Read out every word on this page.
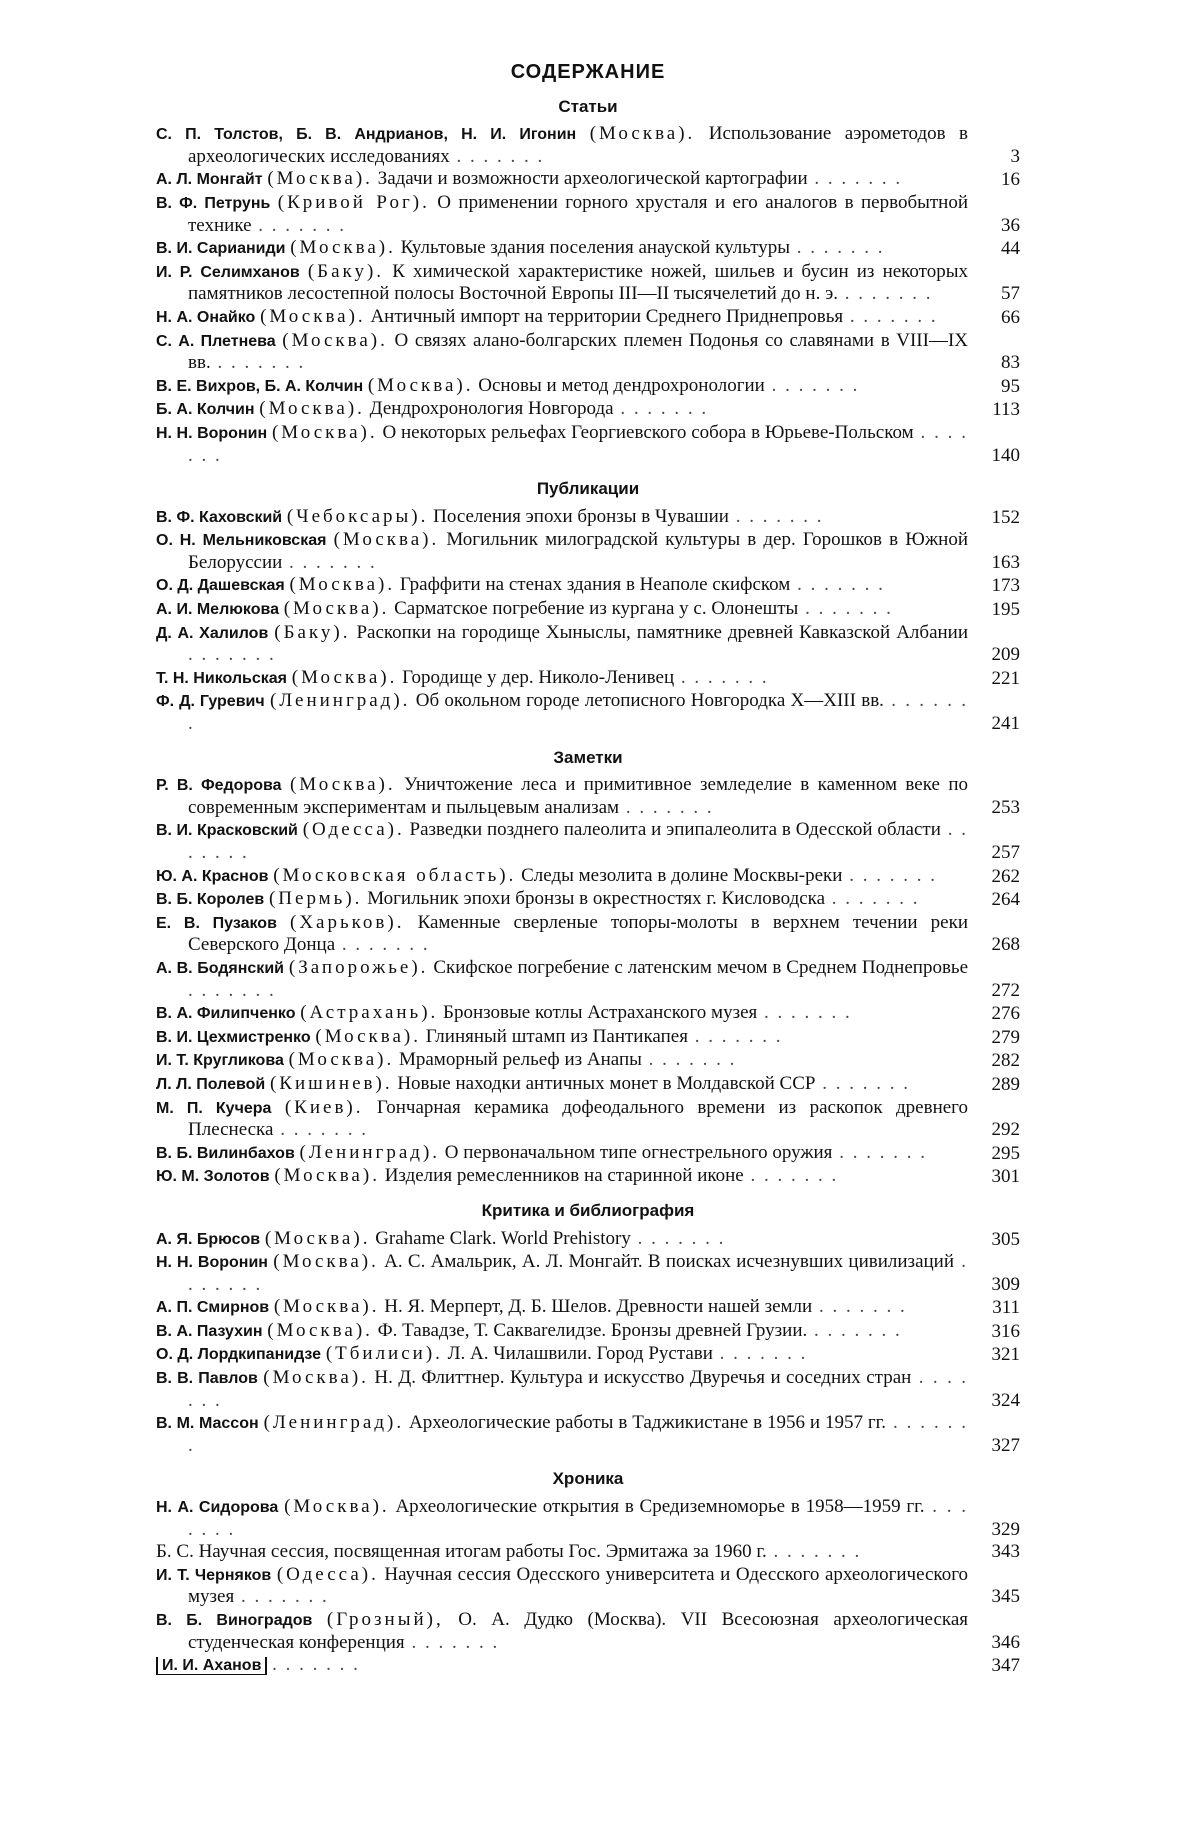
СОДЕРЖАНИЕ
Статьи
С. П. Толстов, Б. В. Андрианов, Н. И. Игонин (Москва). Использование аэрометодов в археологических исследованиях . . . . . . .	3
А. Л. Монгайт (Москва). Задачи и возможности археологической картографии . . . . . . .	16
В. Ф. Петрунь (Кривой Рог). О применении горного хрусталя и его аналогов в первобытной технике . . . . . . .	36
В. И. Сарианиди (Москва). Культовые здания поселения анауской культуры . . . . . . .	44
И. Р. Селимханов (Баку). К химической характеристике ножей, шильев и бусин из некоторых памятников лесостепной полосы Восточной Европы III—II тысячелетий до н. э. . . . . . . .	57
Н. А. Онайко (Москва). Античный импорт на территории Среднего Приднепровья . . . . . . .	66
С. А. Плетнева (Москва). О связях алано-болгарских племен Подонья со славянами в VIII—IX вв. . . . . . . .	83
В. Е. Вихров, Б. А. Колчин (Москва). Основы и метод дендрохронологии . . . . . . .	95
Б. А. Колчин (Москва). Дендрохронология Новгорода . . . . . . .	113
Н. Н. Воронин (Москва). О некоторых рельефах Георгиевского собора в Юрьеве-Польском . . . . . . .	140
Публикации
В. Ф. Каховский (Чебоксары). Поселения эпохи бронзы в Чувашии . . . . . . .	152
О. Н. Мельниковская (Москва). Могильник милоградской культуры в дер. Горошков в Южной Белоруссии . . . . . . .	163
О. Д. Дашевская (Москва). Граффити на стенах здания в Неаполе скифском . . . . . . .	173
А. И. Мелюкова (Москва). Сарматское погребение из кургана у с. Олонешты . . . . . . .	195
Д. А. Халилов (Баку). Раскопки на городище Хыныслы, памятнике древней Кавказской Албании . . . . . . .	209
Т. Н. Никольская (Москва). Городище у дер. Николо-Ленивец . . . . . . .	221
Ф. Д. Гуревич (Ленинград). Об окольном городе летописного Новгородка X—XIII вв. . . . . . . .	241
Заметки
Р. В. Федорова (Москва). Уничтожение леса и примитивное земледелие в каменном веке по современным экспериментам и пыльцевым анализам . . . . . . .	253
В. И. Красковский (Одесса). Разведки позднего палеолита и эпипалеолита в Одесской области . . . . . . .	257
Ю. А. Краснов (Московская область). Следы мезолита в долине Москвы-реки . . . . . . .	262
В. Б. Королев (Пермь). Могильник эпохи бронзы в окрестностях г. Кисловодска . . . . . . .	264
Е. В. Пузаков (Харьков). Каменные сверленые топоры-молоты в верхнем течении реки Северского Донца . . . . . . .	268
А. В. Бодянский (Запорожье). Скифское погребение с латенским мечом в Среднем Поднепровье . . . . . . .	272
В. А. Филипченко (Астрахань). Бронзовые котлы Астраханского музея . . . . . . .	276
В. И. Цехмистренко (Москва). Глиняный штамп из Пантикапея . . . . . . .	279
И. Т. Кругликова (Москва). Мраморный рельеф из Анапы . . . . . . .	282
Л. Л. Полевой (Кишинев). Новые находки античных монет в Молдавской ССР . . . . . . .	289
М. П. Кучера (Киев). Гончарная керамика дофеодального времени из раскопок древнего Плеснеска . . . . . . .	292
В. Б. Вилинбахов (Ленинград). О первоначальном типе огнестрельного оружия . . . . . . .	295
Ю. М. Золотов (Москва). Изделия ремесленников на старинной иконе . . . . . . .	301
Критика и библиография
А. Я. Брюсов (Москва). Grahame Clark. World Prehistory . . . . . . .	305
Н. Н. Воронин (Москва). А. С. Амальрик, А. Л. Монгайт. В поисках исчезнувших цивилизаций . . . . . . .	309
А. П. Смирнов (Москва). Н. Я. Мерперт, Д. Б. Шелов. Древности нашей земли . . . . . . .	311
В. А. Пазухин (Москва). Ф. Тавадзе, Т. Саквarелидзе. Бронзы древней Грузии. . . . . . . .	316
О. Д. Лордкипанидзе (Тбилиси). Л. А. Чилашвили. Город Рустави . . . . . . .	321
В. В. Павлов (Москва). Н. Д. Флиттнер. Культура и искусство Двуречья и соседних стран . . . . . . .	324
В. М. Массон (Ленинград). Археологические работы в Таджикистане в 1956 и 1957 гг. . . . . . . .	327
Хроника
Н. А. Сидорова (Москва). Археологические открытия в Средиземноморье в 1958—1959 гг. . . . . . . .	329
Б. С. Научная сессия, посвященная итогам работы Гос. Эрмитажа за 1960 г. . . . . . . .	343
И. Т. Черняков (Одесса). Научная сессия Одесского университета и Одесского археологического музея . . . . . . .	345
В. Б. Виноградов (Грозный), О. А. Дудко (Москва). VII Всесоюзная археологическая студенческая конференция . . . . . . .	346
И. И. Аханов . . . . . . .	347
